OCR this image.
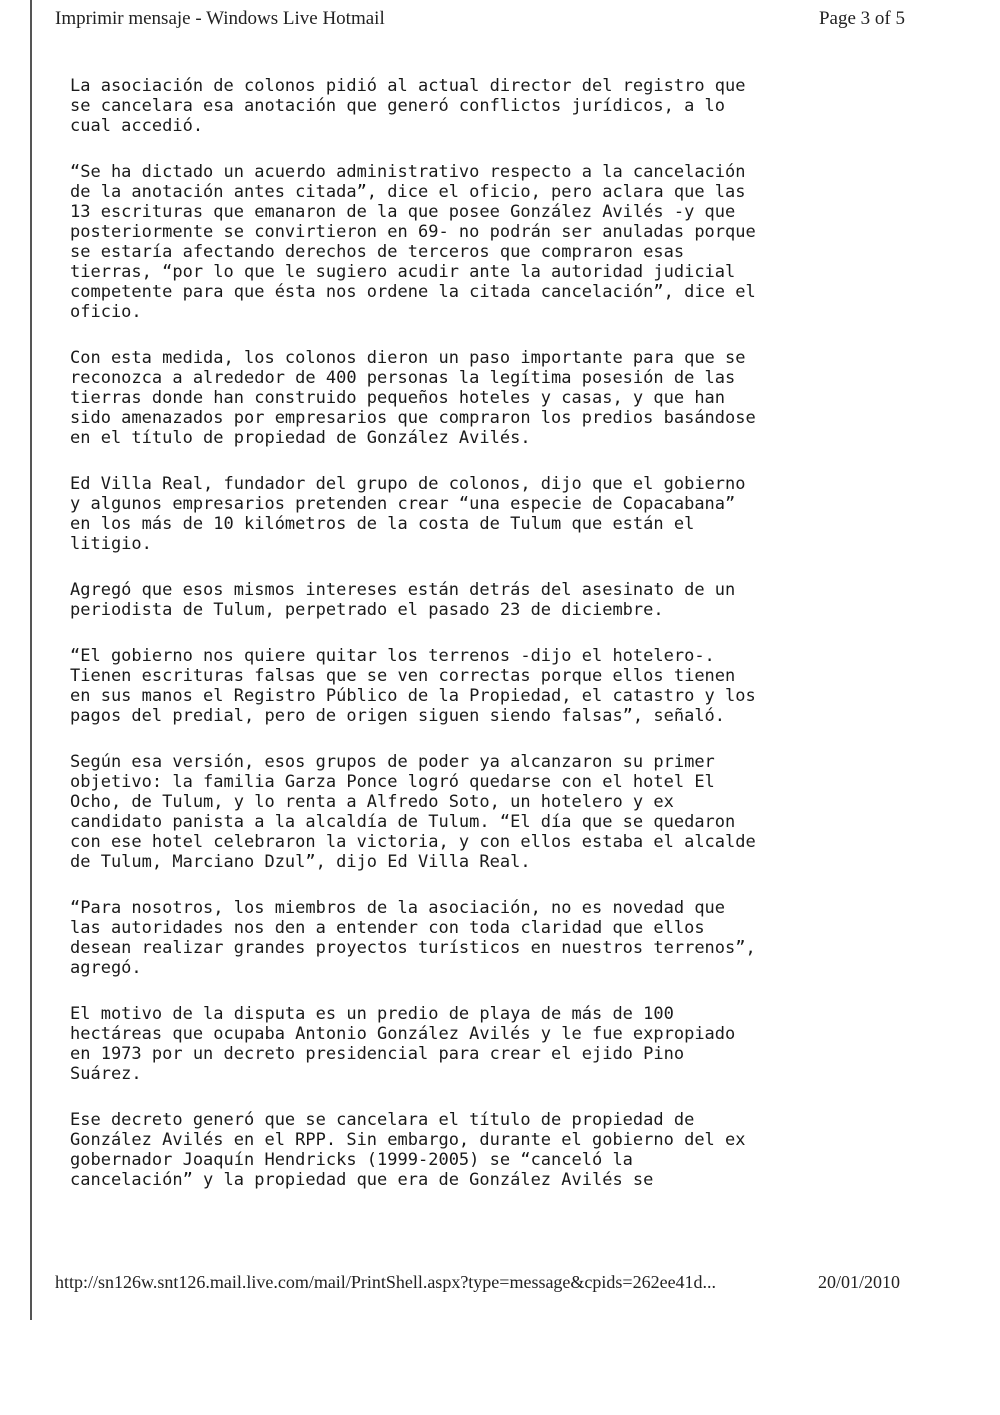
Imprimir mensaje - Windows Live Hotmail	Page 3 of 5
La asociación de colonos pidió al actual director del registro que
se cancelara esa anotación que generó conflictos jurídicos, a lo
cual accedió.
“Se ha dictado un acuerdo administrativo respecto a la cancelación
de la anotación antes citada”, dice el oficio, pero aclara que las
13 escrituras que emanaron de la que posee González Avilés -y que
posteriormente se convirtieron en 69- no podrán ser anuladas porque
se estaría afectando derechos de terceros que compraron esas
tierras, “por lo que le sugiero acudir ante la autoridad judicial
competente para que ésta nos ordene la citada cancelación”, dice el
oficio.
Con esta medida, los colonos dieron un paso importante para que se
reconozca a alrededor de 400 personas la legítima posesión de las
tierras donde han construido pequeños hoteles y casas, y que han
sido amenazados por empresarios que compraron los predios basándose
en el título de propiedad de González Avilés.
Ed Villa Real, fundador del grupo de colonos, dijo que el gobierno
y algunos empresarios pretenden crear “una especie de Copacabana”
en los más de 10 kilómetros de la costa de Tulum que están el
litigio.
Agregó que esos mismos intereses están detrás del asesinato de un
periodista de Tulum, perpetrado el pasado 23 de diciembre.
“El gobierno nos quiere quitar los terrenos -dijo el hotelero-.
Tienen escrituras falsas que se ven correctas porque ellos tienen
en sus manos el Registro Público de la Propiedad, el catastro y los
pagos del predial, pero de origen siguen siendo falsas”, señaló.
Según esa versión, esos grupos de poder ya alcanzaron su primer
objetivo: la familia Garza Ponce logró quedarse con el hotel El
Ocho, de Tulum, y lo renta a Alfredo Soto, un hotelero y ex
candidato panista a la alcaldía de Tulum. “El día que se quedaron
con ese hotel celebraron la victoria, y con ellos estaba el alcalde
de Tulum, Marciano Dzul”, dijo Ed Villa Real.
“Para nosotros, los miembros de la asociación, no es novedad que
las autoridades nos den a entender con toda claridad que ellos
desean realizar grandes proyectos turísticos en nuestros terrenos”,
agregó.
El motivo de la disputa es un predio de playa de más de 100
hectáreas que ocupaba Antonio González Avilés y le fue expropiado
en 1973 por un decreto presidencial para crear el ejido Pino
Suárez.
Ese decreto generó que se cancelara el título de propiedad de
González Avilés en el RPP. Sin embargo, durante el gobierno del ex
gobernador Joaquín Hendricks (1999-2005) se “canceló la
cancelación” y la propiedad que era de González Avilés se
http://sn126w.snt126.mail.live.com/mail/PrintShell.aspx?type=message&cpids=262ee41d...	20/01/2010
